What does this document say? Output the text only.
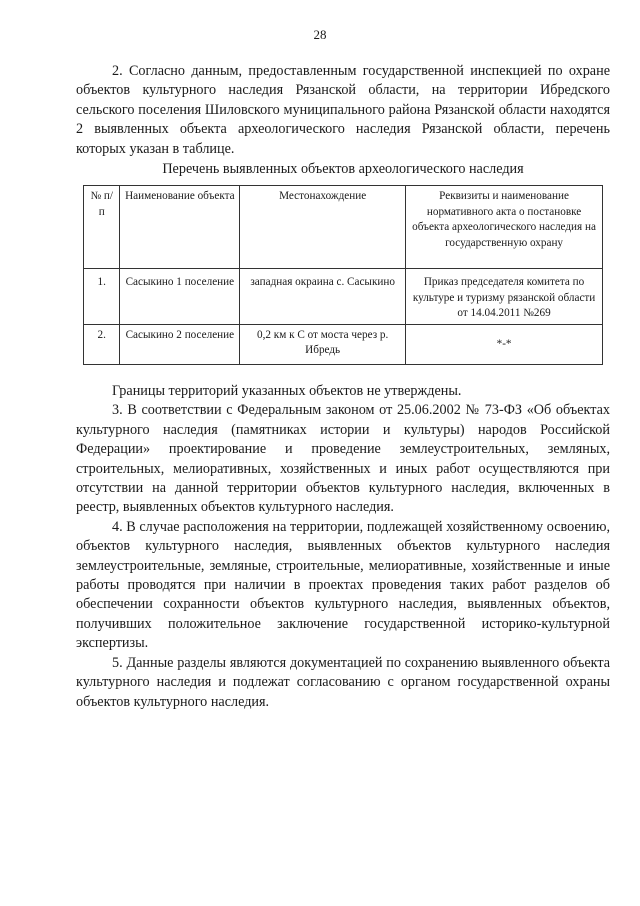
28

2. Согласно данным, предоставленным государственной инспекцией по охране объектов культурного наследия Рязанской области, на территории Ибредского сельского поселения Шиловского муниципального района Рязанской области находятся 2 выявленных объекта археологического наследия Рязанской области, перечень которых указан в таблице.

Перечень выявленных объектов археологического наследия
№ п/п	Наименование объекта	Местонахождение	Реквизиты и наименование нормативного акта о постановке объекта археологического наследия на государственную охрану
1.	Сасыкино 1 поселение	западная окраина с. Сасыкино	Приказ председателя комитета по культуре и туризму рязанской области от 14.04.2011 №269
2.	Сасыкино 2 поселение	0,2 км к С от моста через р. Ибредь	*-*

Границы территорий указанных объектов не утверждены.

3. В соответствии с Федеральным законом от 25.06.2002 № 73-ФЗ «Об объектах культурного наследия (памятниках истории и культуры) народов Российской Федерации» проектирование и проведение землеустроительных, земляных, строительных, мелиоративных, хозяйственных и иных работ осуществляются при отсутствии на данной территории объектов культурного наследия, включенных в реестр, выявленных объектов культурного наследия.

4. В случае расположения на территории, подлежащей хозяйственному освоению, объектов культурного наследия, выявленных объектов культурного наследия землеустроительные, земляные, строительные, мелиоративные, хозяйственные и иные работы проводятся при наличии в проектах проведения таких работ разделов об обеспечении сохранности объектов культурного наследия, выявленных объектов, получивших положительное заключение государственной историко-культурной экспертизы.

5. Данные разделы являются документацией по сохранению выявленного объекта культурного наследия и подлежат согласованию с органом государственной охраны объектов культурного наследия.
